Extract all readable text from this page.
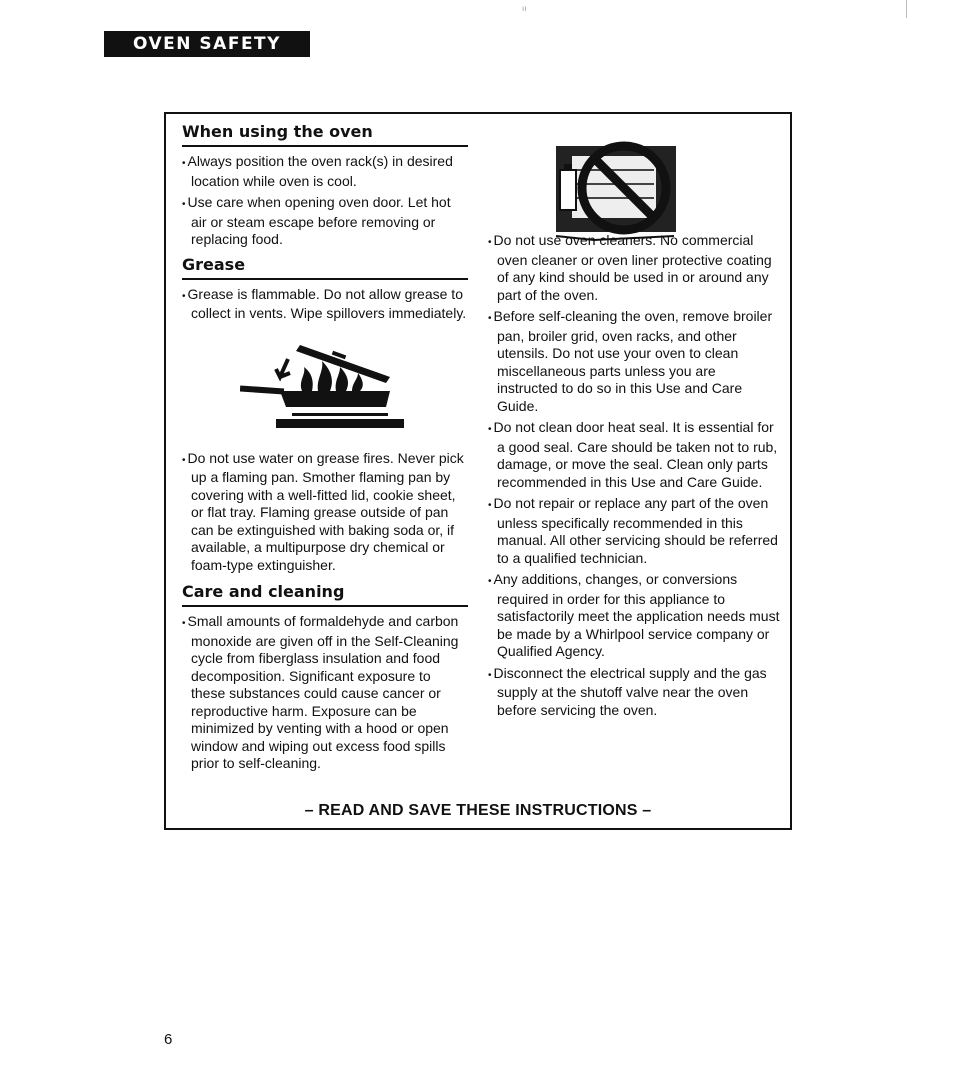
ıı
OVEN SAFETY
When using the oven

• Always position the oven rack(s) in desired location while oven is cool.

• Use care when opening oven door. Let hot air or steam escape before removing or replacing food.

Grease

• Grease is flammable. Do not allow grease to collect in vents. Wipe spillovers immediately.

• Do not use water on grease fires. Never pick up a flaming pan. Smother flaming pan by covering with a well-fitted lid, cookie sheet, or flat tray. Flaming grease outside of pan can be extinguished with baking soda or, if available, a multipurpose dry chemical or foam-type extinguisher.

Care and cleaning

• Small amounts of formaldehyde and carbon monoxide are given off in the Self-Cleaning cycle from fiberglass insulation and food decomposition. Significant exposure to these substances could cause cancer or reproductive harm. Exposure can be minimized by venting with a hood or open window and wiping out excess food spills prior to self-cleaning.

• Do not use oven cleaners. No commercial oven cleaner or oven liner protective coating of any kind should be used in or around any part of the oven.

• Before self-cleaning the oven, remove broiler pan, broiler grid, oven racks, and other utensils. Do not use your oven to clean miscellaneous parts unless you are instructed to do so in this Use and Care Guide.

• Do not clean door heat seal. It is essential for a good seal. Care should be taken not to rub, damage, or move the seal. Clean only parts recommended in this Use and Care Guide.

• Do not repair or replace any part of the oven unless specifically recommended in this manual. All other servicing should be referred to a qualified technician.

• Any additions, changes, or conversions required in order for this appliance to satisfactorily meet the application needs must be made by a Whirlpool service company or Qualified Agency.

• Disconnect the electrical supply and the gas supply at the shutoff valve near the oven before servicing the oven.

– READ AND SAVE THESE INSTRUCTIONS –
6
